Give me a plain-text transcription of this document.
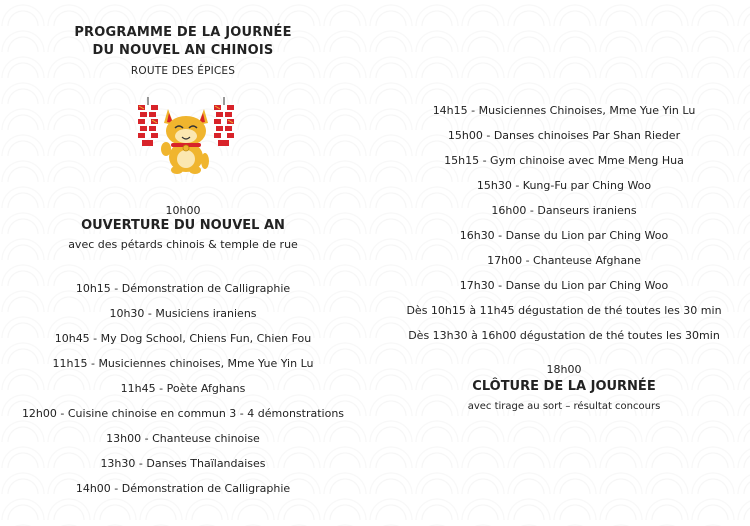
PROGRAMME DE LA JOURNÉE
DU NOUVEL AN CHINOIS
ROUTE DES ÉPICES
10h00
OUVERTURE DU NOUVEL AN
avec des pétards chinois & temple de rue
10h15 - Démonstration de Calligraphie
10h30 - Musiciens iraniens
10h45 - My Dog School, Chiens Fun, Chien Fou
11h15 - Musiciennes chinoises, Mme Yue Yin Lu
11h45 - Poète Afghans
12h00 - Cuisine chinoise en commun 3 - 4 démonstrations
13h00 - Chanteuse chinoise
13h30 - Danses Thaïlandaises
14h00 - Démonstration de Calligraphie
14h15 - Musiciennes Chinoises, Mme Yue Yin Lu
15h00 - Danses chinoises Par Shan Rieder
15h15 - Gym chinoise avec Mme Meng Hua
15h30 - Kung-Fu par Ching Woo
16h00 - Danseurs iraniens
16h30 - Danse du Lion par Ching Woo
17h00 - Chanteuse Afghane
17h30 - Danse du Lion par Ching Woo
Dès 10h15 à 11h45 dégustation de thé toutes les 30 min
Dès 13h30 à 16h00 dégustation de thé toutes les 30min
18h00
CLÔTURE DE LA JOURNÉE
avec tirage au sort – résultat concours
